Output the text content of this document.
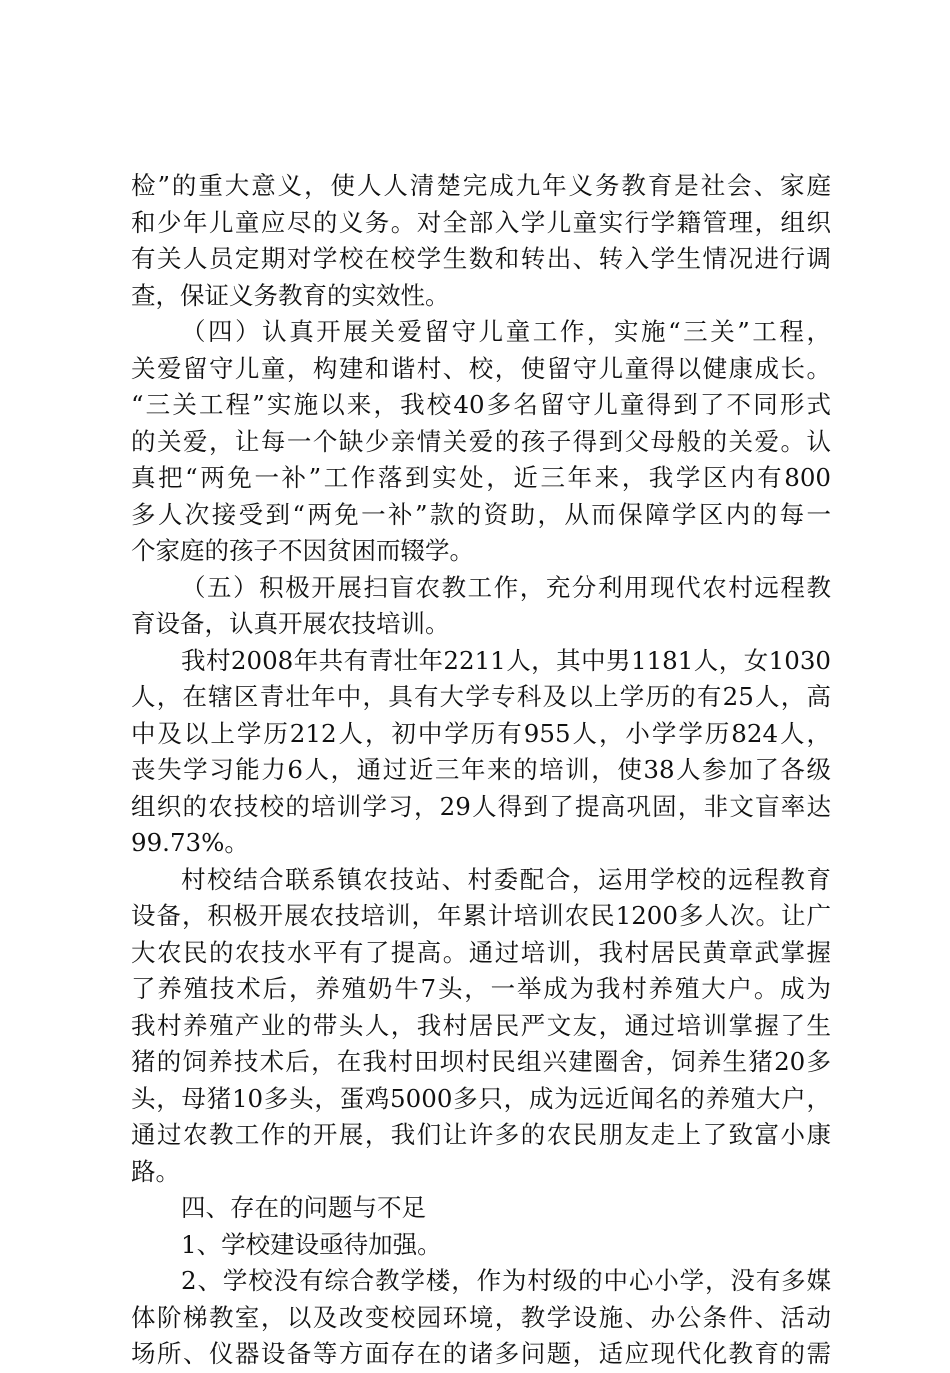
检”的重大意义，使人人清楚完成九年义务教育是社会、家庭
和少年儿童应尽的义务。对全部入学儿童实行学籍管理，组织
有关人员定期对学校在校学生数和转出、转入学生情况进行调
查，保证义务教育的实效性。
（四）认真开展关爱留守儿童工作，实施“三关”工程，
关爱留守儿童，构建和谐村、校，使留守儿童得以健康成长。
“三关工程”实施以来，我校40多名留守儿童得到了不同形式
的关爱，让每一个缺少亲情关爱的孩子得到父母般的关爱。认
真把“两免一补”工作落到实处，近三年来，我学区内有800
多人次接受到“两免一补”款的资助，从而保障学区内的每一
个家庭的孩子不因贫困而辍学。
（五）积极开展扫盲农教工作，充分利用现代农村远程教
育设备，认真开展农技培训。
我村2008年共有青壮年2211人，其中男1181人，女1030
人，在辖区青壮年中，具有大学专科及以上学历的有25人，高
中及以上学历212人，初中学历有955人，小学学历824人，
丧失学习能力6人，通过近三年来的培训，使38人参加了各级
组织的农技校的培训学习，29人得到了提高巩固，非文盲率达
99.73%。
村校结合联系镇农技站、村委配合，运用学校的远程教育
设备，积极开展农技培训，年累计培训农民1200多人次。让广
大农民的农技水平有了提高。通过培训，我村居民黄章武掌握
了养殖技术后，养殖奶牛7头，一举成为我村养殖大户。成为
我村养殖产业的带头人，我村居民严文友，通过培训掌握了生
猪的饲养技术后，在我村田坝村民组兴建圈舍，饲养生猪20多
头，母猪10多头，蛋鸡5000多只，成为远近闻名的养殖大户，
通过农教工作的开展，我们让许多的农民朋友走上了致富小康
路。
四、存在的问题与不足
1、学校建设亟待加强。
2、学校没有综合教学楼，作为村级的中心小学，没有多媒
体阶梯教室，以及改变校园环境，教学设施、办公条件、活动
场所、仪器设备等方面存在的诸多问题，适应现代化教育的需
